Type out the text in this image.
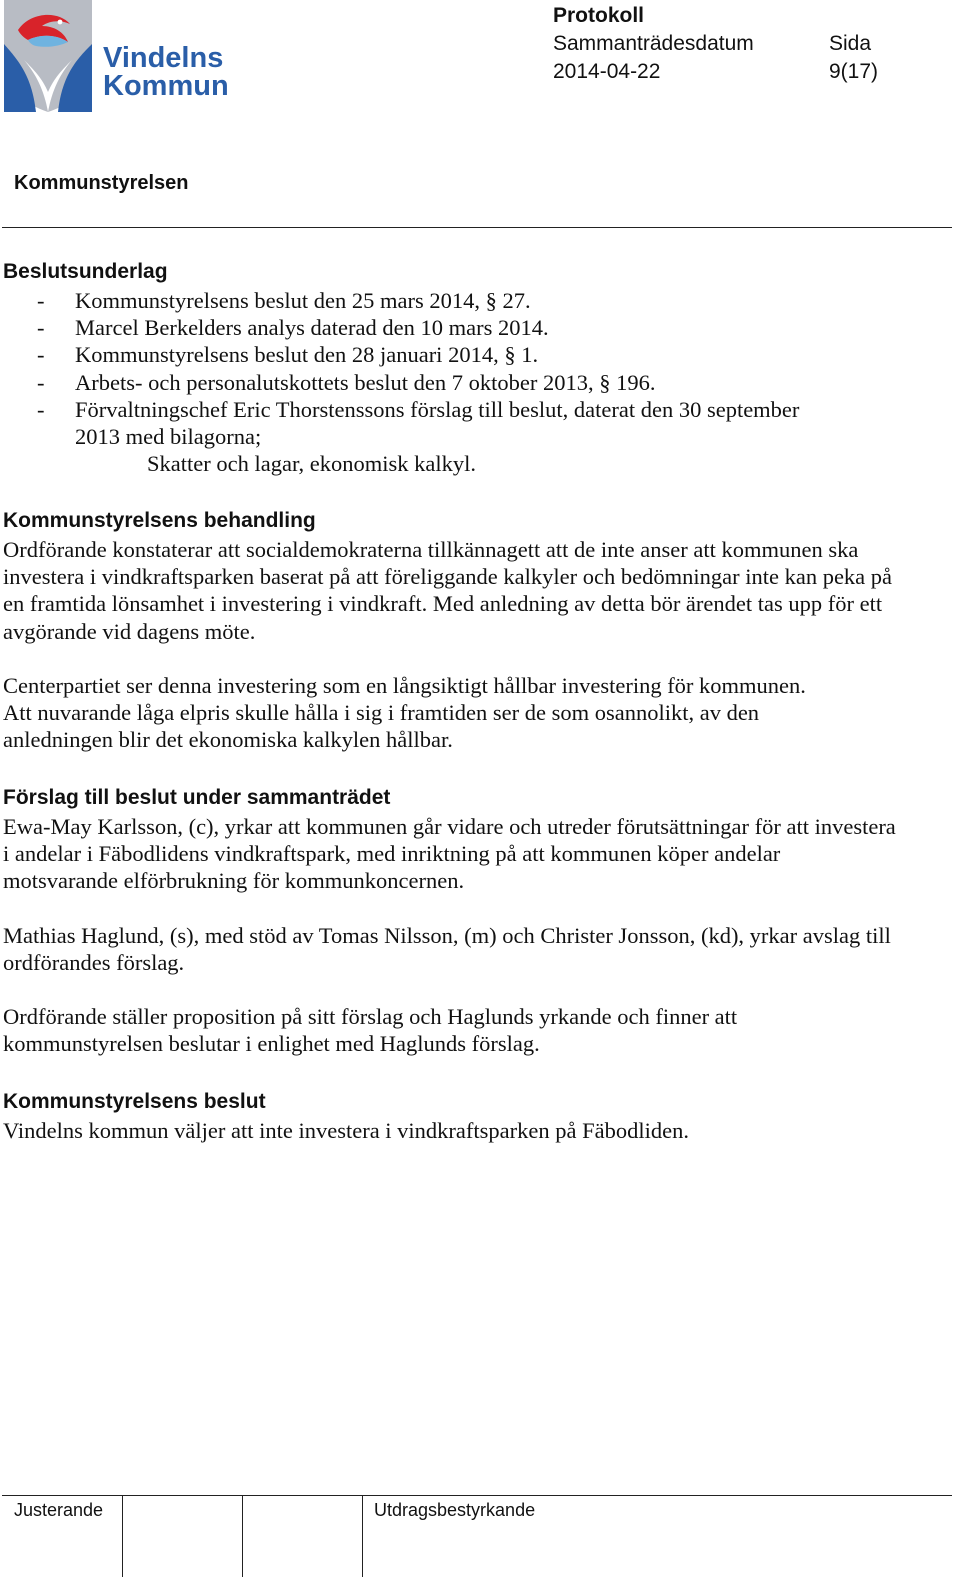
Vindelns
Kommun
Protokoll
Sammanträdesdatum
2014-04-22
Sida
9(17)
Kommunstyrelsen
Beslutsunderlag
- Kommunstyrelsens beslut den 25 mars 2014, § 27.
- Marcel Berkelders analys daterad den 10 mars 2014.
- Kommunstyrelsens beslut den 28 januari 2014, § 1.
- Arbets- och personalutskottets beslut den 7 oktober 2013, § 196.
- Förvaltningschef Eric Thorstenssons förslag till beslut, daterat den 30 september 2013 med bilagorna;
Skatter och lagar, ekonomisk kalkyl.
Kommunstyrelsens behandling

Ordförande konstaterar att socialdemokraterna tillkännagett att de inte anser att kommunen ska investera i vindkraftsparken baserat på att föreliggande kalkyler och bedömningar inte kan peka på en framtida lönsamhet i investering i vindkraft. Med anledning av detta bör ärendet tas upp för ett avgörande vid dagens möte.

Centerpartiet ser denna investering som en långsiktigt hållbar investering för kommunen. Att nuvarande låga elpris skulle hålla i sig i framtiden ser de som osannolikt, av den anledningen blir det ekonomiska kalkylen hållbar.

Förslag till beslut under sammanträdet

Ewa-May Karlsson, (c), yrkar att kommunen går vidare och utreder förutsättningar för att investera i andelar i Fäbodlidens vindkraftspark, med inriktning på att kommunen köper andelar motsvarande elförbrukning för kommunkoncernen.

Mathias Haglund, (s), med stöd av Tomas Nilsson, (m) och Christer Jonsson, (kd), yrkar avslag till ordförandes förslag.

Ordförande ställer proposition på sitt förslag och Haglunds yrkande och finner att kommunstyrelsen beslutar i enlighet med Haglunds förslag.

Kommunstyrelsens beslut

Vindelns kommun väljer att inte investera i vindkraftsparken på Fäbodliden.

Justerande	Utdragsbestyrkande
